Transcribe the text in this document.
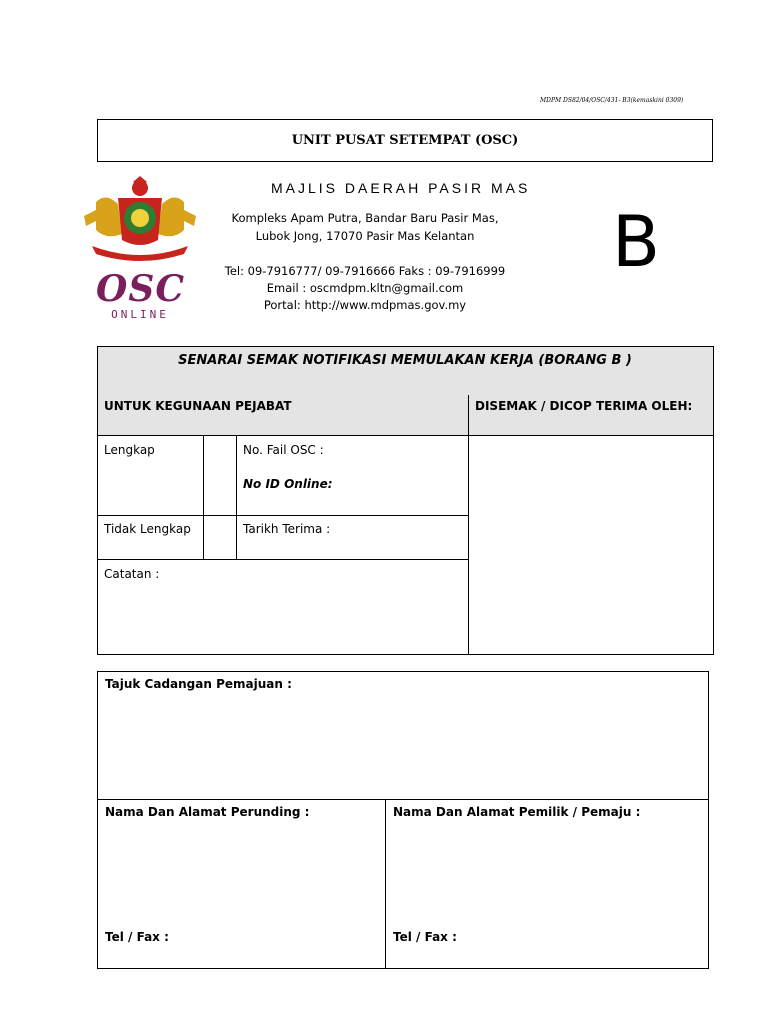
MDPM DS82/04/OSC/431- B3(kemaskini 0309)
UNIT PUSAT SETEMPAT (OSC)
OSC
ONLINE
MAJLIS DAERAH PASIR MAS
Kompleks Apam Putra, Bandar Baru Pasir Mas,
Lubok Jong, 17070 Pasir Mas Kelantan
Tel: 09-7916777/ 09-7916666 Faks : 09-7916999
Email : oscmdpm.kltn@gmail.com
Portal: http://www.mdpmas.gov.my
B
SENARAI SEMAK NOTIFIKASI MEMULAKAN KERJA (BORANG B )
UNTUK KEGUNAAN PEJABAT	DISEMAK / DICOP TERIMA OLEH:
Lengkap	No. Fail OSC :
No ID Online:
Tidak Lengkap	Tarikh Terima :
Catatan :
Tajuk Cadangan Pemajuan :
Nama Dan Alamat Perunding :	Nama Dan Alamat Pemilik / Pemaju :
Tel / Fax :	Tel / Fax :
